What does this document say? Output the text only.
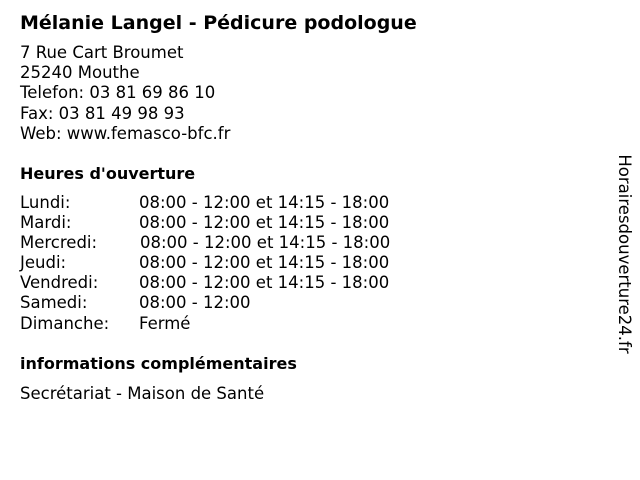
Mélanie Langel - Pédicure podologue
7 Rue Cart Broumet
25240 Mouthe
Telefon: 03 81 69 86 10
Fax: 03 81 49 98 93
Web: www.femasco-bfc.fr
Heures d'ouverture
Lundi:	08:00 - 12:00 et 14:15 - 18:00
Mardi:	08:00 - 12:00 et 14:15 - 18:00
Mercredi:	08:00 - 12:00 et 14:15 - 18:00
Jeudi:	08:00 - 12:00 et 14:15 - 18:00
Vendredi: 08:00 - 12:00 et 14:15 - 18:00
Samedi:	08:00 - 12:00
Dimanche: Fermé
informations complémentaires
Secrétariat - Maison de Santé
Horairesdouverture24.fr
